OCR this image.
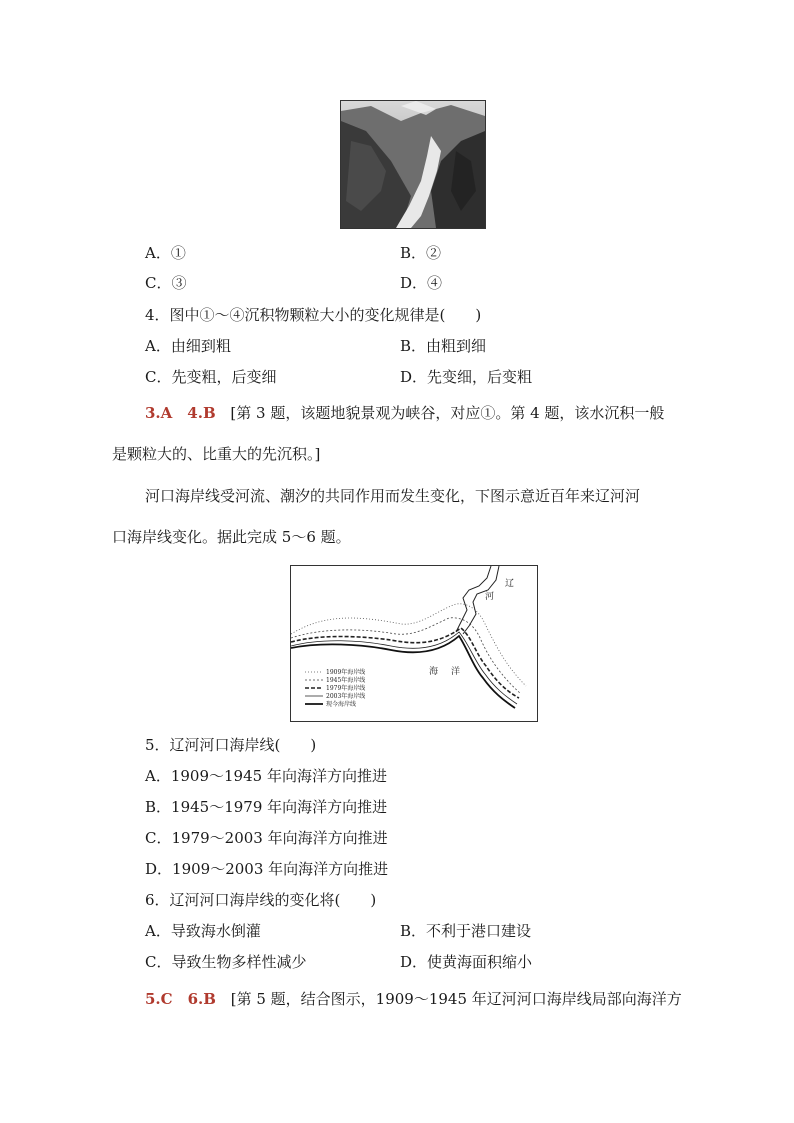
A．①	B．②
C．③	D．④
4．图中①～④沉积物颗粒大小的变化规律是(　　)
A．由细到粗	B．由粗到细
C．先变粗，后变细	D．先变细，后变粗
3.A　4.B [第 3 题，该题地貌景观为峡谷，对应①。第 4 题，该水沉积一般
是颗粒大的、比重大的先沉积。]
河口海岸线受河流、潮汐的共同作用而发生变化，下图示意近百年来辽河河
口海岸线变化。据此完成 5～6 题。
辽
河
海 洋
1909年海岸线
1945年海岸线
1979年海岸线
2003年海岸线
现今海岸线
5．辽河河口海岸线(　　)
A．1909～1945 年向海洋方向推进
B．1945～1979 年向海洋方向推进
C．1979～2003 年向海洋方向推进
D．1909～2003 年向海洋方向推进
6．辽河河口海岸线的变化将(　　)
A．导致海水倒灌	B．不利于港口建设
C．导致生物多样性减少	D．使黄海面积缩小
5.C　6.B [第 5 题，结合图示，1909～1945 年辽河河口海岸线局部向海洋方
